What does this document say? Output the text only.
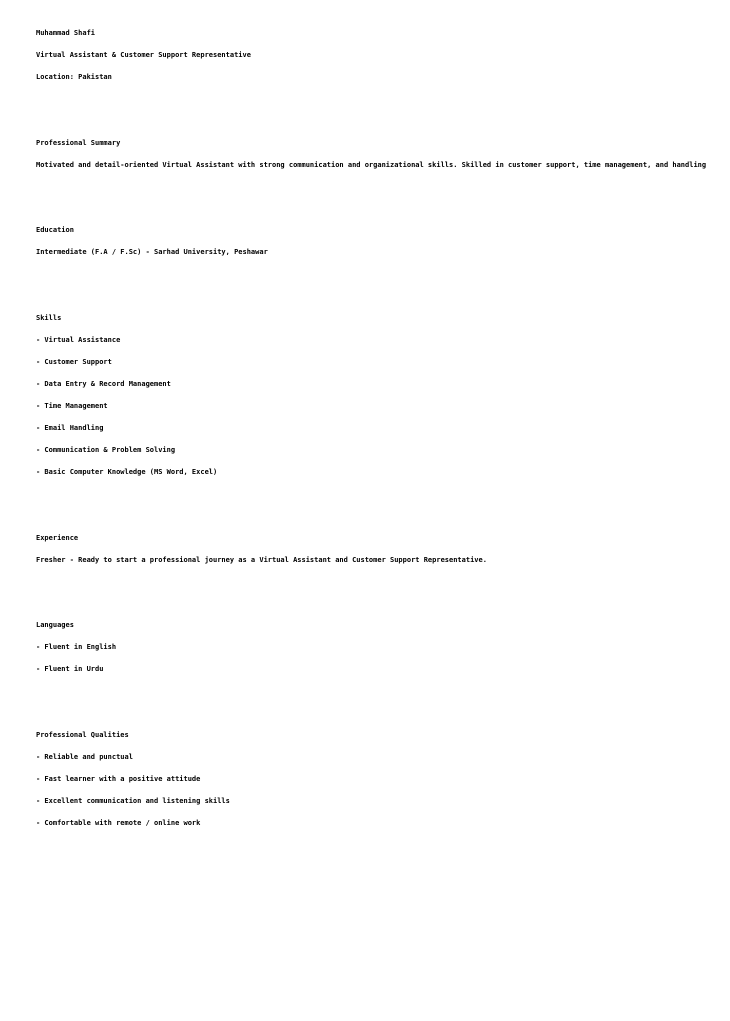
Muhammad Shafi
Virtual Assistant & Customer Support Representative
Location: Pakistan
Professional Summary
Motivated and detail-oriented Virtual Assistant with strong communication and organizational skills. Skilled in customer support, time management, and handling
Education
Intermediate (F.A / F.Sc) - Sarhad University, Peshawar
Skills
- Virtual Assistance
- Customer Support
- Data Entry & Record Management
- Time Management
- Email Handling
- Communication & Problem Solving
- Basic Computer Knowledge (MS Word, Excel)
Experience
Fresher - Ready to start a professional journey as a Virtual Assistant and Customer Support Representative.
Languages
- Fluent in English
- Fluent in Urdu
Professional Qualities
- Reliable and punctual
- Fast learner with a positive attitude
- Excellent communication and listening skills
- Comfortable with remote / online work
